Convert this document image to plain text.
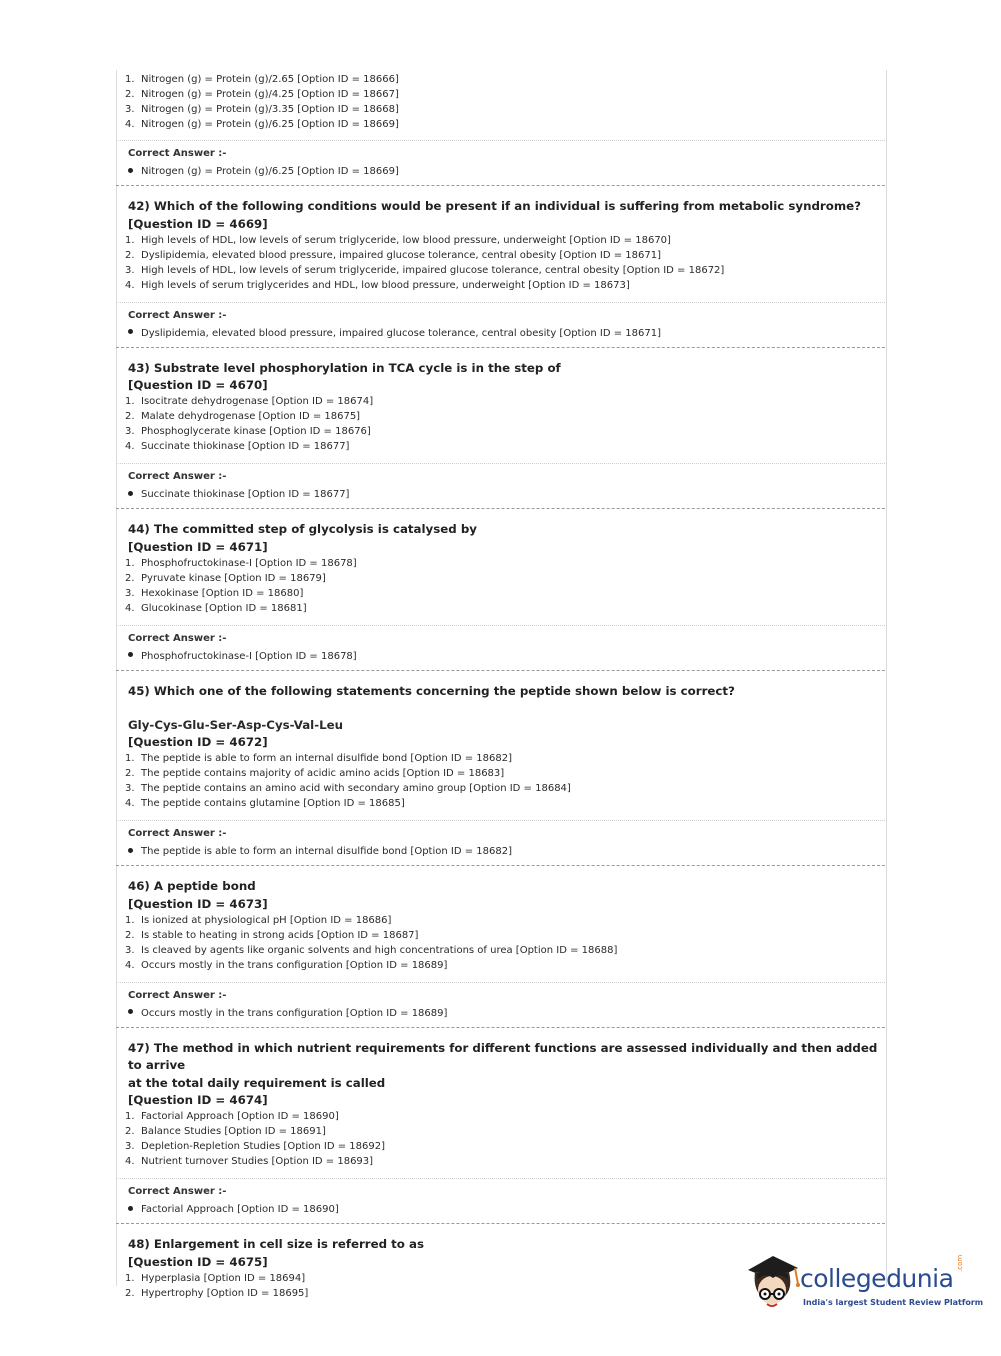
1. Nitrogen (g) = Protein (g)/2.65 [Option ID = 18666]
2. Nitrogen (g) = Protein (g)/4.25 [Option ID = 18667]
3. Nitrogen (g) = Protein (g)/3.35 [Option ID = 18668]
4. Nitrogen (g) = Protein (g)/6.25 [Option ID = 18669]
Correct Answer :-
Nitrogen (g) = Protein (g)/6.25 [Option ID = 18669]
42) Which of the following conditions would be present if an individual is suffering from metabolic syndrome?
[Question ID = 4669]
1. High levels of HDL, low levels of serum triglyceride, low blood pressure, underweight [Option ID = 18670]
2. Dyslipidemia, elevated blood pressure, impaired glucose tolerance, central obesity [Option ID = 18671]
3. High levels of HDL, low levels of serum triglyceride, impaired glucose tolerance, central obesity [Option ID = 18672]
4. High levels of serum triglycerides and HDL, low blood pressure, underweight [Option ID = 18673]
Correct Answer :-
Dyslipidemia, elevated blood pressure, impaired glucose tolerance, central obesity [Option ID = 18671]
43) Substrate level phosphorylation in TCA cycle is in the step of
[Question ID = 4670]
1. Isocitrate dehydrogenase [Option ID = 18674]
2. Malate dehydrogenase [Option ID = 18675]
3. Phosphoglycerate kinase [Option ID = 18676]
4. Succinate thiokinase [Option ID = 18677]
Correct Answer :-
Succinate thiokinase [Option ID = 18677]
44) The committed step of glycolysis is catalysed by
[Question ID = 4671]
1. Phosphofructokinase-I [Option ID = 18678]
2. Pyruvate kinase [Option ID = 18679]
3. Hexokinase [Option ID = 18680]
4. Glucokinase [Option ID = 18681]
Correct Answer :-
Phosphofructokinase-I [Option ID = 18678]
45) Which one of the following statements concerning the peptide shown below is correct?
Gly-Cys-Glu-Ser-Asp-Cys-Val-Leu
[Question ID = 4672]
1. The peptide is able to form an internal disulfide bond [Option ID = 18682]
2. The peptide contains majority of acidic amino acids [Option ID = 18683]
3. The peptide contains an amino acid with secondary amino group [Option ID = 18684]
4. The peptide contains glutamine [Option ID = 18685]
Correct Answer :-
The peptide is able to form an internal disulfide bond [Option ID = 18682]
46) A peptide bond
[Question ID = 4673]
1. Is ionized at physiological pH [Option ID = 18686]
2. Is stable to heating in strong acids [Option ID = 18687]
3. Is cleaved by agents like organic solvents and high concentrations of urea [Option ID = 18688]
4. Occurs mostly in the trans configuration [Option ID = 18689]
Correct Answer :-
Occurs mostly in the trans configuration [Option ID = 18689]
47) The method in which nutrient requirements for different functions are assessed individually and then added to arrive
at the total daily requirement is called
[Question ID = 4674]
1. Factorial Approach [Option ID = 18690]
2. Balance Studies [Option ID = 18691]
3. Depletion-Repletion Studies [Option ID = 18692]
4. Nutrient turnover Studies [Option ID = 18693]
Correct Answer :-
Factorial Approach [Option ID = 18690]
48) Enlargement in cell size is referred to as
[Question ID = 4675]
1. Hyperplasia [Option ID = 18694]
2. Hypertrophy [Option ID = 18695]	collegedunia
.com
India's largest Student Review Platform
